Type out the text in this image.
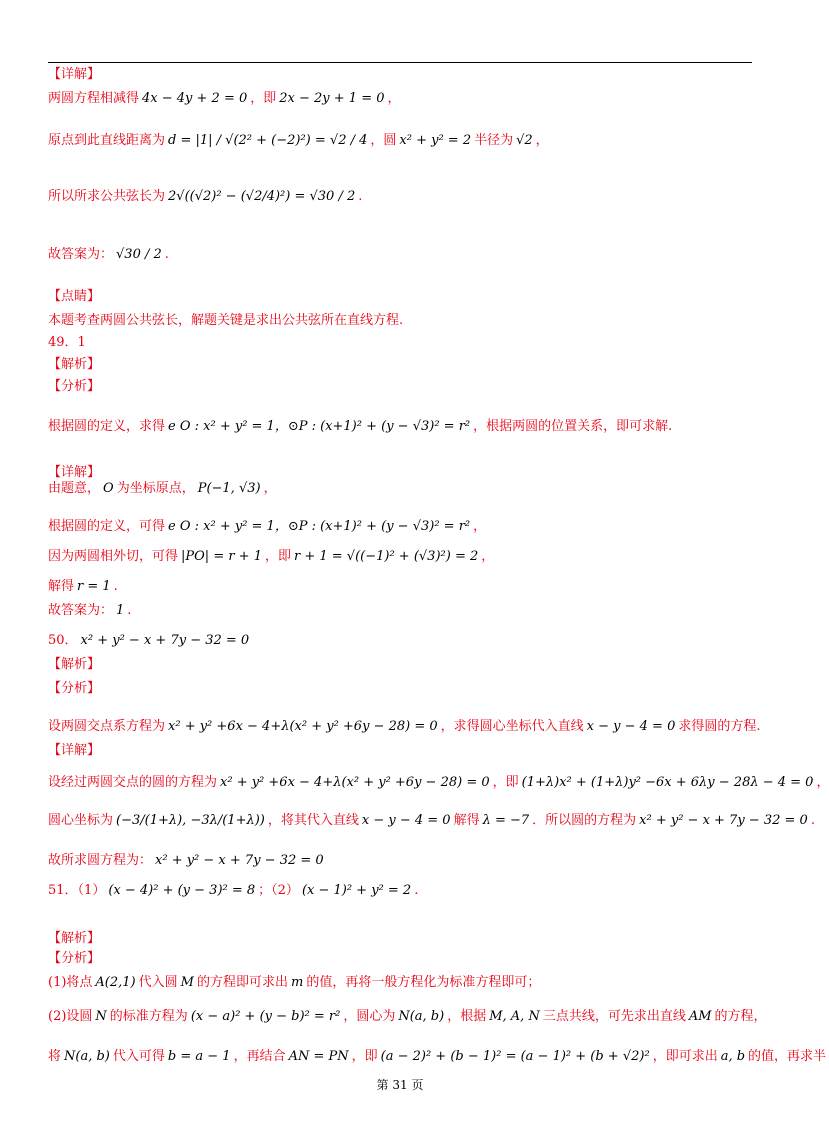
【详解】
两圆方程相减得 4x − 4y + 2 = 0 ，即 2x − 2y + 1 = 0 ，
原点到此直线距离为 d = |1| / √(2² + (−2)²) = √2 / 4 ，圆 x² + y² = 2 半径为 √2 ，
所以所求公共弦长为 2√((√2)² − (√2/4)²) = √30 / 2 .
故答案为： √30 / 2 .
【点睛】
本题考查两圆公共弦长，解题关键是求出公共弦所在直线方程.
49．1
【解析】
【分析】
根据圆的定义，求得 e O : x² + y² = 1，⊙P : (x+1)² + (y − √3)² = r² ，根据两圆的位置关系，即可求解.
【详解】
由题意， O 为坐标原点， P(−1, √3) ，
根据圆的定义，可得 e O : x² + y² = 1，⊙P : (x+1)² + (y − √3)² = r² ，
因为两圆相外切，可得 |PO| = r + 1 ，即 r + 1 = √((−1)² + (√3)²) = 2 ，
解得 r = 1 .
故答案为： 1 .
50． x² + y² − x + 7y − 32 = 0
【解析】
【分析】
设两圆交点系方程为 x² + y² +6x − 4+λ(x² + y² +6y − 28) = 0 ，求得圆心坐标代入直线 x − y − 4 = 0 求得圆的方程.
【详解】
设经过两圆交点的圆的方程为 x² + y² +6x − 4+λ(x² + y² +6y − 28) = 0 ，即 (1+λ)x² + (1+λ)y² −6x + 6λy − 28λ − 4 = 0 ，
圆心坐标为 (−3/(1+λ), −3λ/(1+λ)) ，将其代入直线 x − y − 4 = 0 解得 λ = −7 ．所以圆的方程为 x² + y² − x + 7y − 32 = 0 .
故所求圆方程为： x² + y² − x + 7y − 32 = 0
51．（1） (x − 4)² + (y − 3)² = 8 ；（2） (x − 1)² + y² = 2 .
【解析】
【分析】
(1)将点 A(2,1) 代入圆 M 的方程即可求出 m 的值，再将一般方程化为标准方程即可；
(2)设圆 N 的标准方程为 (x − a)² + (y − b)² = r² ，圆心为 N(a, b) ，根据 M, A, N 三点共线，可先求出直线 AM 的方程，
将 N(a, b) 代入可得 b = a − 1 ，再结合 AN = PN ，即 (a − 2)² + (b − 1)² = (a − 1)² + (b + √2)² ，即可求出 a, b 的值，再求半
第 31 页
